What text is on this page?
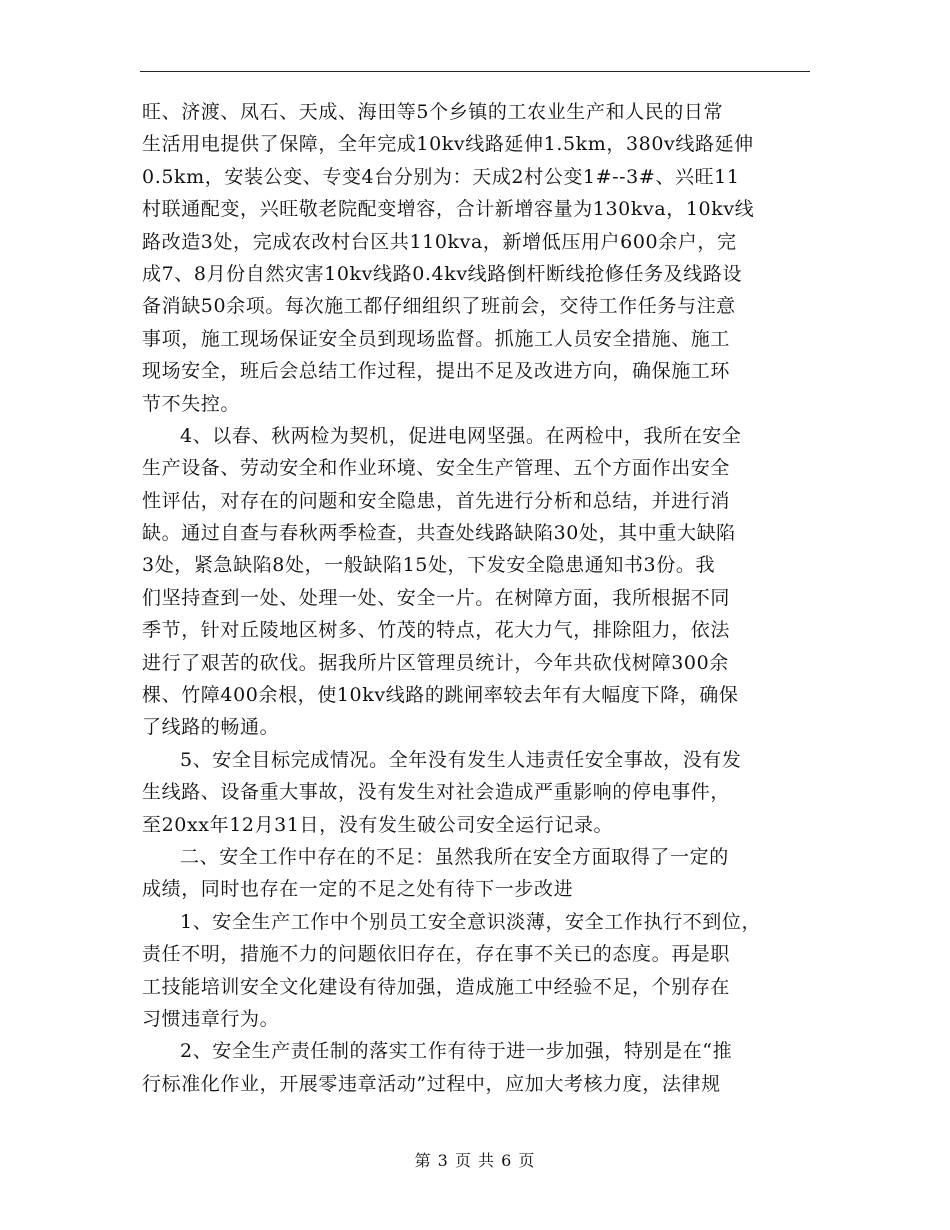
旺、济渡、凤石、天成、海田等5个乡镇的工农业生产和人民的日常
生活用电提供了保障，全年完成10kv线路延伸1.5km，380v线路延伸
0.5km，安装公变、专变4台分别为：天成2村公变1#--3#、兴旺11
村联通配变，兴旺敬老院配变增容，合计新增容量为130kva，10kv线
路改造3处，完成农改村台区共110kva，新增低压用户600余户，完
成7、8月份自然灾害10kv线路0.4kv线路倒杆断线抢修任务及线路设
备消缺50余项。每次施工都仔细组织了班前会，交待工作任务与注意
事项，施工现场保证安全员到现场监督。抓施工人员安全措施、施工
现场安全，班后会总结工作过程，提出不足及改进方向，确保施工环
节不失控。
4、以春、秋两检为契机，促进电网坚强。在两检中，我所在安全
生产设备、劳动安全和作业环境、安全生产管理、五个方面作出安全
性评估，对存在的问题和安全隐患，首先进行分析和总结，并进行消
缺。通过自查与春秋两季检查，共查处线路缺陷30处，其中重大缺陷
3处，紧急缺陷8处，一般缺陷15处，下发安全隐患通知书3份。我
们坚持查到一处、处理一处、安全一片。在树障方面，我所根据不同
季节，针对丘陵地区树多、竹茂的特点，花大力气，排除阻力，依法
进行了艰苦的砍伐。据我所片区管理员统计，今年共砍伐树障300余
棵、竹障400余根，使10kv线路的跳闸率较去年有大幅度下降，确保
了线路的畅通。
5、安全目标完成情况。全年没有发生人违责任安全事故，没有发
生线路、设备重大事故，没有发生对社会造成严重影响的停电事件，
至20xx年12月31日，没有发生破公司安全运行记录。
二、安全工作中存在的不足：虽然我所在安全方面取得了一定的
成绩，同时也存在一定的不足之处有待下一步改进
1、安全生产工作中个别员工安全意识淡薄，安全工作执行不到位，
责任不明，措施不力的问题依旧存在，存在事不关已的态度。再是职
工技能培训安全文化建设有待加强，造成施工中经验不足，个别存在
习惯违章行为。
2、安全生产责任制的落实工作有待于进一步加强，特别是在“推
行标准化作业，开展零违章活动”过程中，应加大考核力度，法律规
第 3 页 共 6 页
